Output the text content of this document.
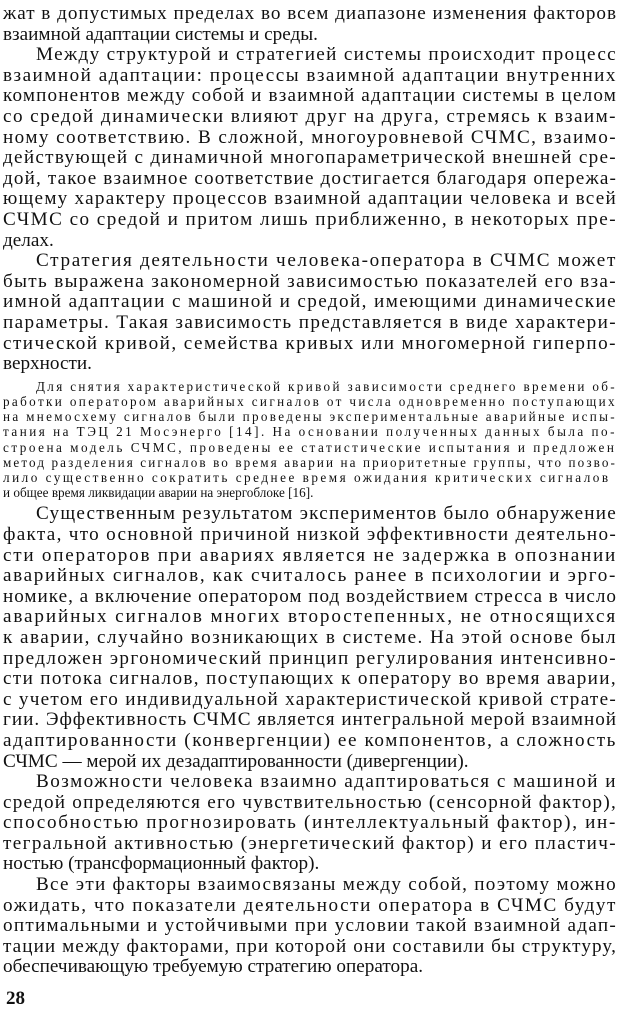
жат в допустимых пределах во всем диапазоне изменения факторов
взаимной адаптации системы и среды.
Между структурой и стратегией системы происходит процесс
взаимной адаптации: процессы взаимной адаптации внутренних
компонентов между собой и взаимной адаптации системы в целом
со средой динамически влияют друг на друга, стремясь к взаим-
ному соответствию. В сложной, многоуровневой СЧМС, взаимо-
действующей с динамичной многопараметрической внешней сре-
дой, такое взаимное соответствие достигается благодаря опережа-
ющему характеру процессов взаимной адаптации человека и всей
СЧМС со средой и притом лишь приближенно, в некоторых пре-
делах.
Стратегия деятельности человека-оператора в СЧМС может
быть выражена закономерной зависимостью показателей его вза-
имной адаптации с машиной и средой, имеющими динамические
параметры. Такая зависимость представляется в виде характери-
стической кривой, семейства кривых или многомерной гиперпо-
верхности.
Для снятия характеристической кривой зависимости среднего времени об-
работки оператором аварийных сигналов от числа одновременно поступающих
на мнемосхему сигналов были проведены экспериментальные аварийные испы-
тания на ТЭЦ 21 Мосэнерго [14]. На основании полученных данных была по-
строена модель СЧМС, проведены ее статистические испытания и предложен
метод разделения сигналов во время аварии на приоритетные группы, что позво-
лило существенно сократить среднее время ожидания критических сигналов
и общее время ликвидации аварии на энергоблоке [16].
Существенным результатом экспериментов было обнаружение
факта, что основной причиной низкой эффективности деятельно-
сти операторов при авариях является не задержка в опознании
аварийных сигналов, как считалось ранее в психологии и эрго-
номике, а включение оператором под воздействием стресса в число
аварийных сигналов многих второстепенных, не относящихся
к аварии, случайно возникающих в системе. На этой основе был
предложен эргономический принцип регулирования интенсивно-
сти потока сигналов, поступающих к оператору во время аварии,
с учетом его индивидуальной характеристической кривой страте-
гии. Эффективность СЧМС является интегральной мерой взаимной
адаптированности (конвергенции) ее компонентов, а сложность
СЧМС — мерой их дезадаптированности (дивергенции).
Возможности человека взаимно адаптироваться с машиной и
средой определяются его чувствительностью (сенсорной фактор),
способностью прогнозировать (интеллектуальный фактор), ин-
тегральной активностью (энергетический фактор) и его пластич-
ностью (трансформационный фактор).
Все эти факторы взаимосвязаны между собой, поэтому можно
ожидать, что показатели деятельности оператора в СЧМС будут
оптимальными и устойчивыми при условии такой взаимной адап-
тации между факторами, при которой они составили бы структуру,
обеспечивающую требуемую стратегию оператора.
28
